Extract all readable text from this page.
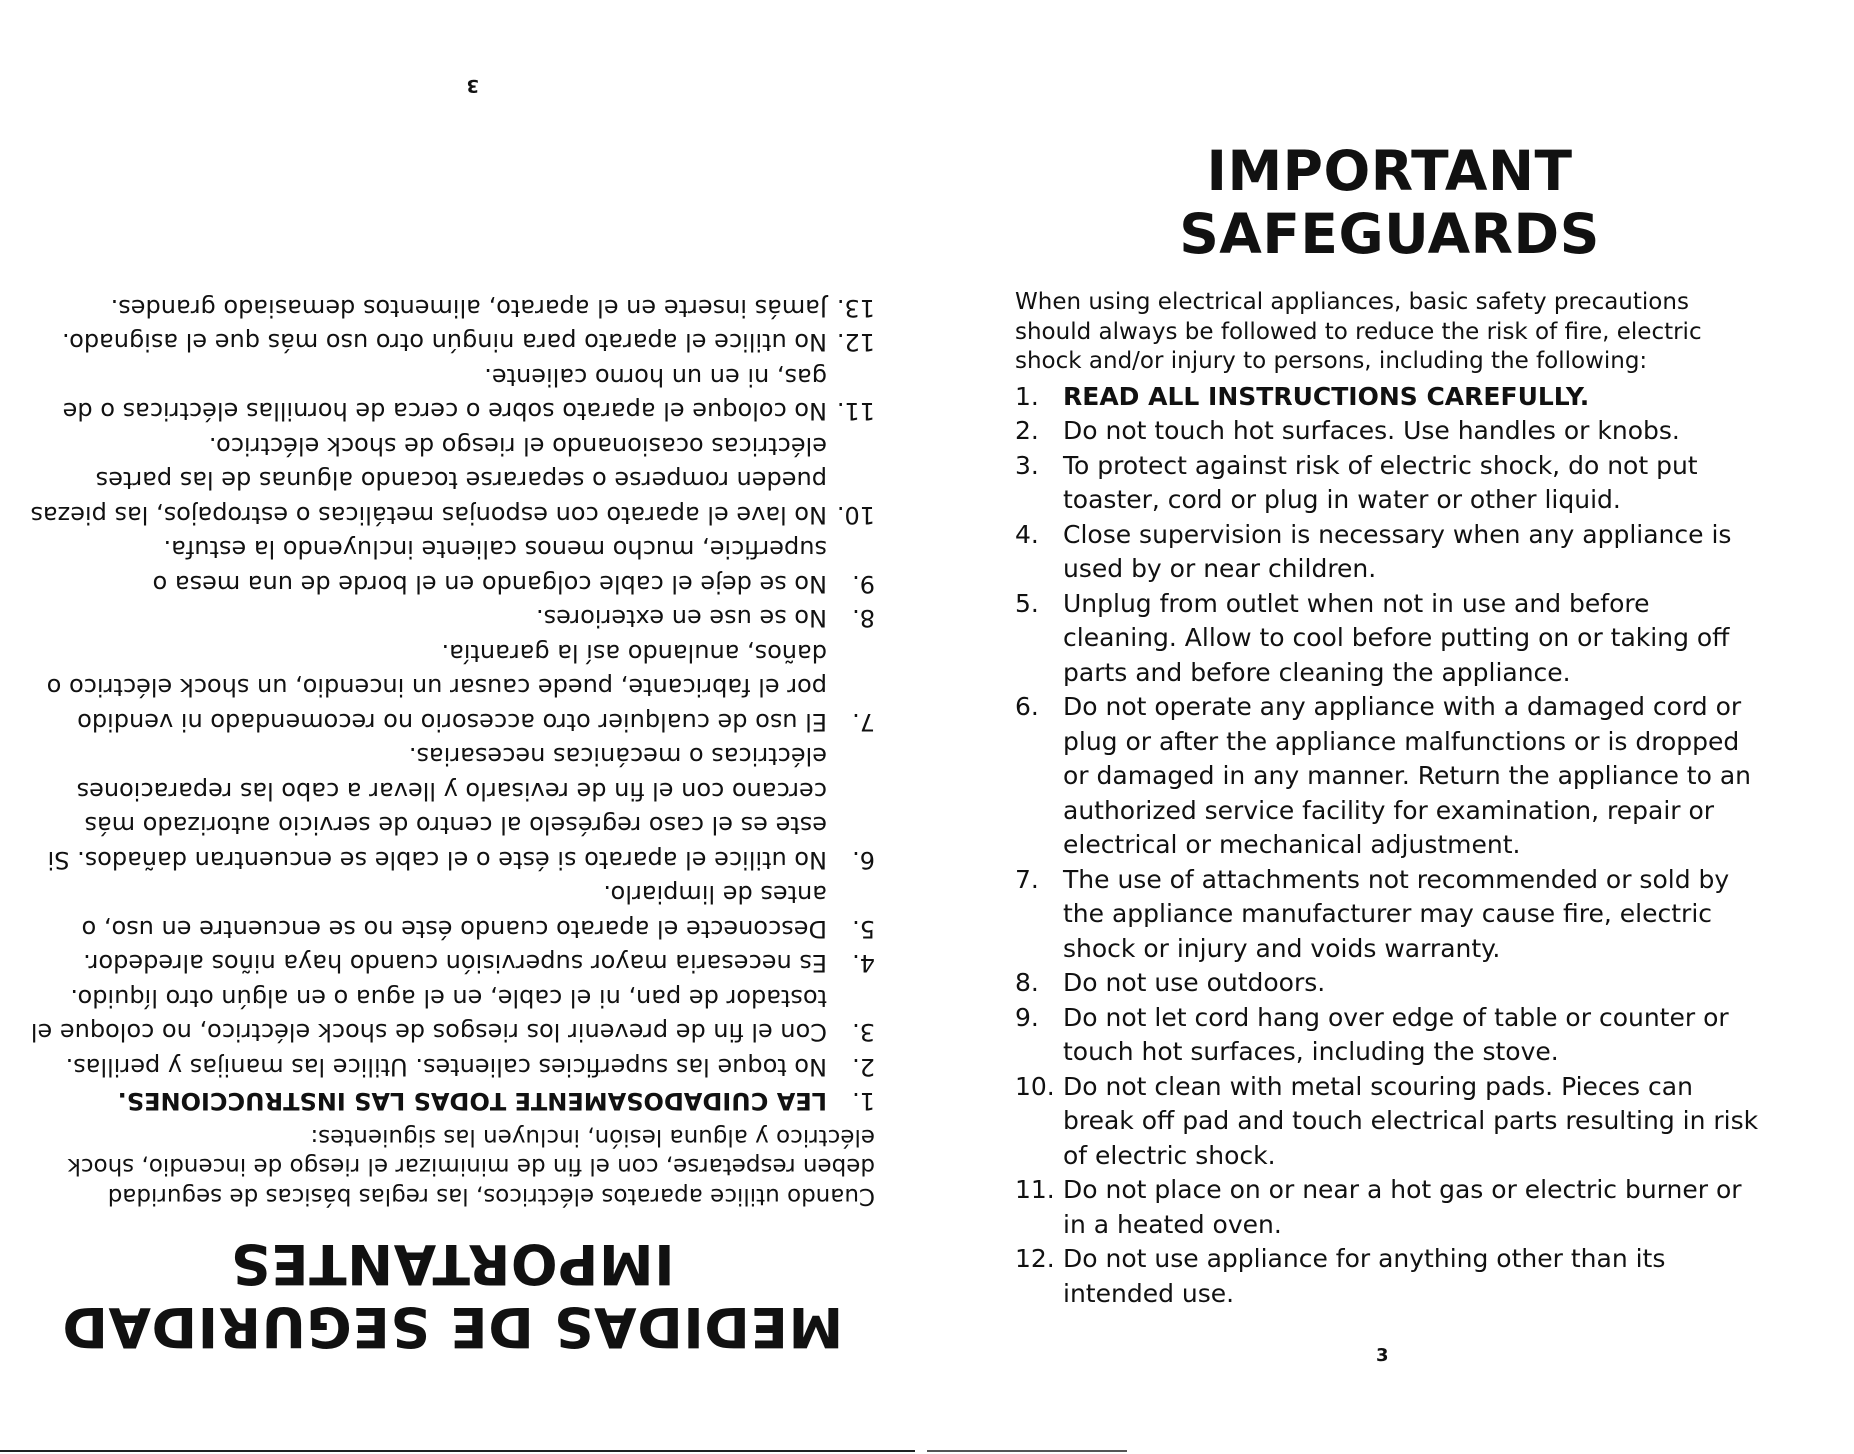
MEDIDAS DE SEGURIDAD
IMPORTANTES

Cuando utilice aparatos eléctricos, las reglas básicas de seguridad deben respetarse, con el fin de minimizar el riesgo de incendio, shock eléctrico y alguna lesión, incluyen las siguientes:

1.
LEA CUIDADOSAMENTE TODAS LAS INSTRUCCIONES.
2.
No toque las superficies calientes. Utilice las manijas y perillas.
3.
Con el fin de prevenir los riesgos de shock eléctrico, no coloque el tostador de pan, ni el cable, en el agua o en algún otro líquido.
4.
Es necesaria mayor supervisión cuando haya niños alrededor.
5.
Desconecte el aparato cuando éste no se encuentre en uso, o antes de limpiarlo.
6.
No utilice el aparato si éste o el cable se encuentran dañados. Si este es el caso regréselo al centro de servicio autorizado más cercano con el fin de revisarlo y llevar a cabo las reparaciones eléctricas o mecánicas necesarias.
7.
El uso de cualquier otro accesorio no recomendado ni vendido por el fabricante, puede causar un incendio, un shock eléctrico o daños, anulando así la garantía.
8.
No se use en exteriores.
9.
No se deje el cable colgando en el borde de una mesa o superficie, mucho menos caliente incluyendo la estufa.
10.
No lave el aparato con esponjas metálicas o estropajos, las piezas pueden romperse o separarse tocando algunas de las partes eléctricas ocasionando el riesgo de shock eléctrico.
11.
No coloque el aparato sobre o cerca de hornillas eléctricas o de gas, ni en un horno caliente.
12.
No utilice el aparato para ningún otro uso más que el asignado.
13.
Jamás inserte en el aparato, alimentos demasiado grandes.
3
IMPORTANT
SAFEGUARDS

When using electrical appliances, basic safety precautions should always be followed to reduce the risk of fire, electric shock and/or injury to persons, including the following:

1. READ ALL INSTRUCTIONS CAREFULLY.
2. Do not touch hot surfaces. Use handles or knobs.
3. To protect against risk of electric shock, do not put toaster, cord or plug in water or other liquid.
4. Close supervision is necessary when any appliance is used by or near children.
5. Unplug from outlet when not in use and before cleaning. Allow to cool before putting on or taking off parts and before cleaning the appliance.
6. Do not operate any appliance with a damaged cord or plug or after the appliance malfunctions or is dropped or damaged in any manner. Return the appliance to an authorized service facility for examination, repair or electrical or mechanical adjustment.
7. The use of attachments not recommended or sold by the appliance manufacturer may cause fire, electric shock or injury and voids warranty.
8. Do not use outdoors.
9. Do not let cord hang over edge of table or counter or touch hot surfaces, including the stove.
10. Do not clean with metal scouring pads. Pieces can break off pad and touch electrical parts resulting in risk of electric shock.
11. Do not place on or near a hot gas or electric burner or in a heated oven.
12. Do not use appliance for anything other than its intended use.
3
